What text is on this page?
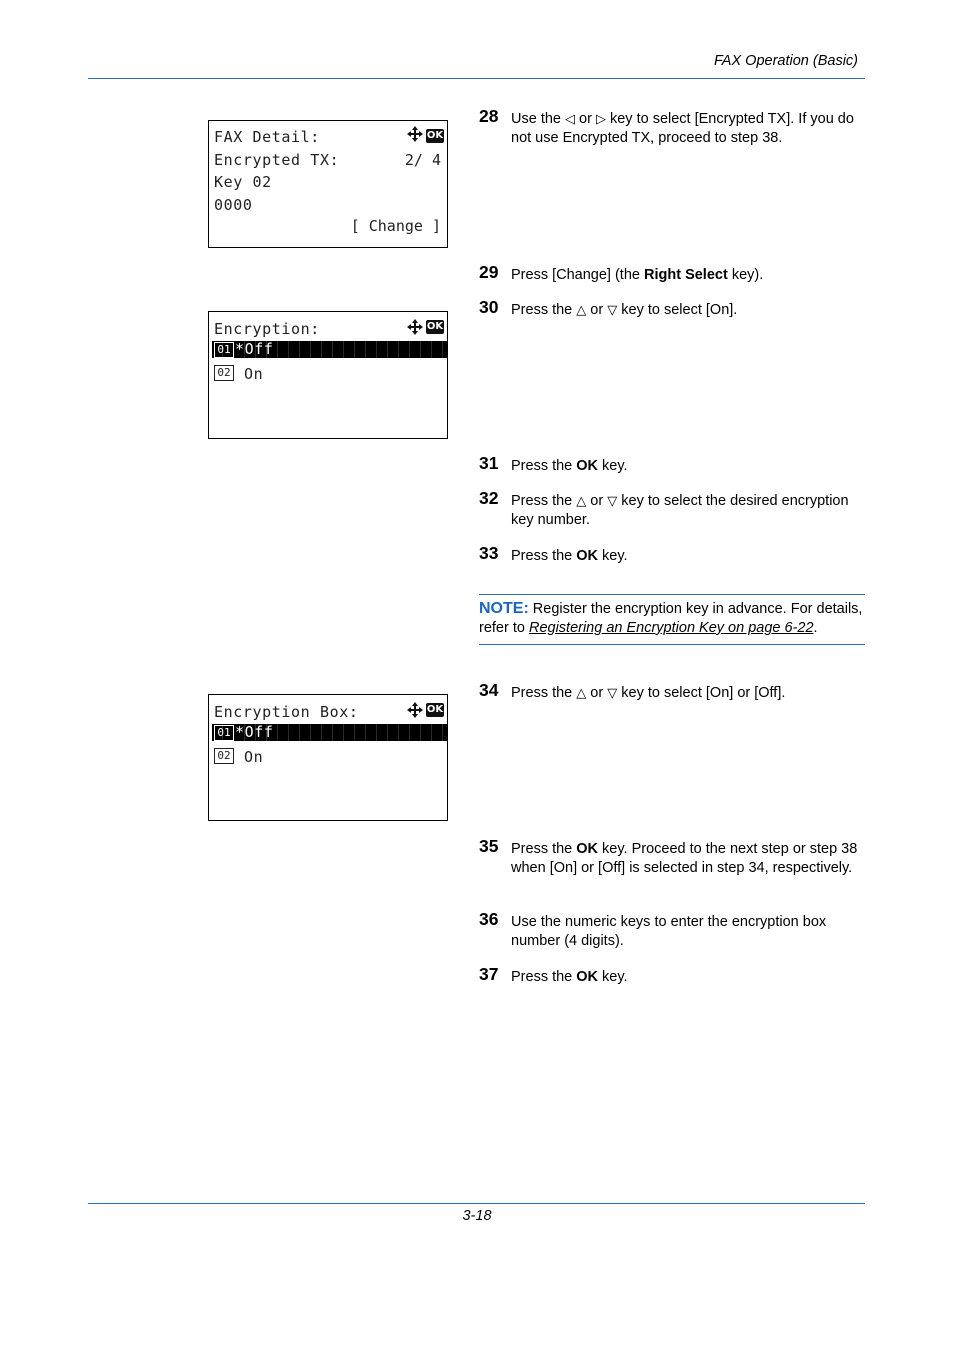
FAX Operation (Basic)
FAX Detail:	OK
Encrypted TX:	2/ 4
Key 02
0000
[ Change ]
Encryption:	OK
01 *Off
02 On
Encryption Box:	OK
01 *Off
02 On
28 Use the ◁ or ▷ key to select [Encrypted TX]. If you do not use Encrypted TX, proceed to step 38.
29 Press [Change] (the Right Select key).
30 Press the △ or ▽ key to select [On].
31 Press the OK key.
32 Press the △ or ▽ key to select the desired encryption key number.
33 Press the OK key.
NOTE: Register the encryption key in advance. For details, refer to Registering an Encryption Key on page 6-22.
34 Press the △ or ▽ key to select [On] or [Off].
35 Press the OK key. Proceed to the next step or step 38 when [On] or [Off] is selected in step 34, respectively.
36 Use the numeric keys to enter the encryption box number (4 digits).
37 Press the OK key.
3-18
